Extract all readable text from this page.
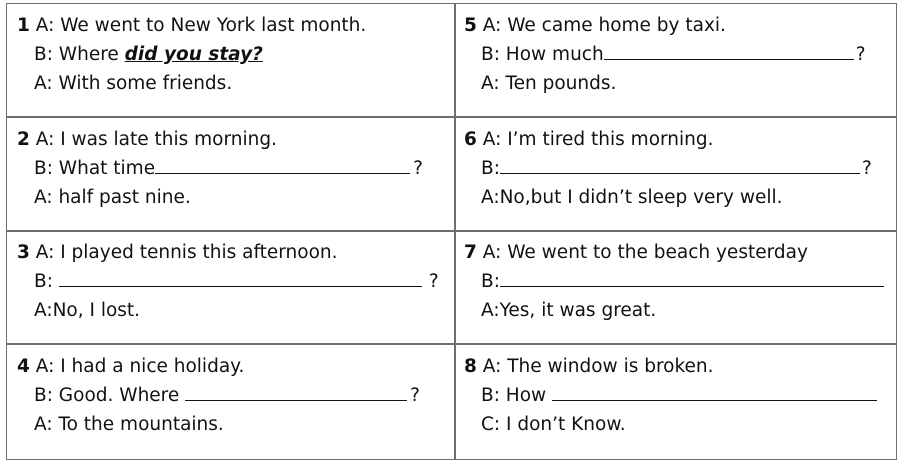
1 A: We went to New York last month.
B: Where did you stay?
A: With some friends.
2 A: I was late this morning.
B: What time	?
A: half past nine.
3 A: I played tennis this afternoon.
B:	?
A:No, I lost.
4 A: I had a nice holiday.
B: Good. Where	?
A: To the mountains.
5 A: We came home by taxi.
B: How much	?
A: Ten pounds.
6 A: I’m tired this morning.
B:	?
A:No,but I didn’t sleep very well.
7 A: We went to the beach yesterday
B:
A:Yes, it was great.
8 A: The window is broken.
B: How
C: I don’t Know.
